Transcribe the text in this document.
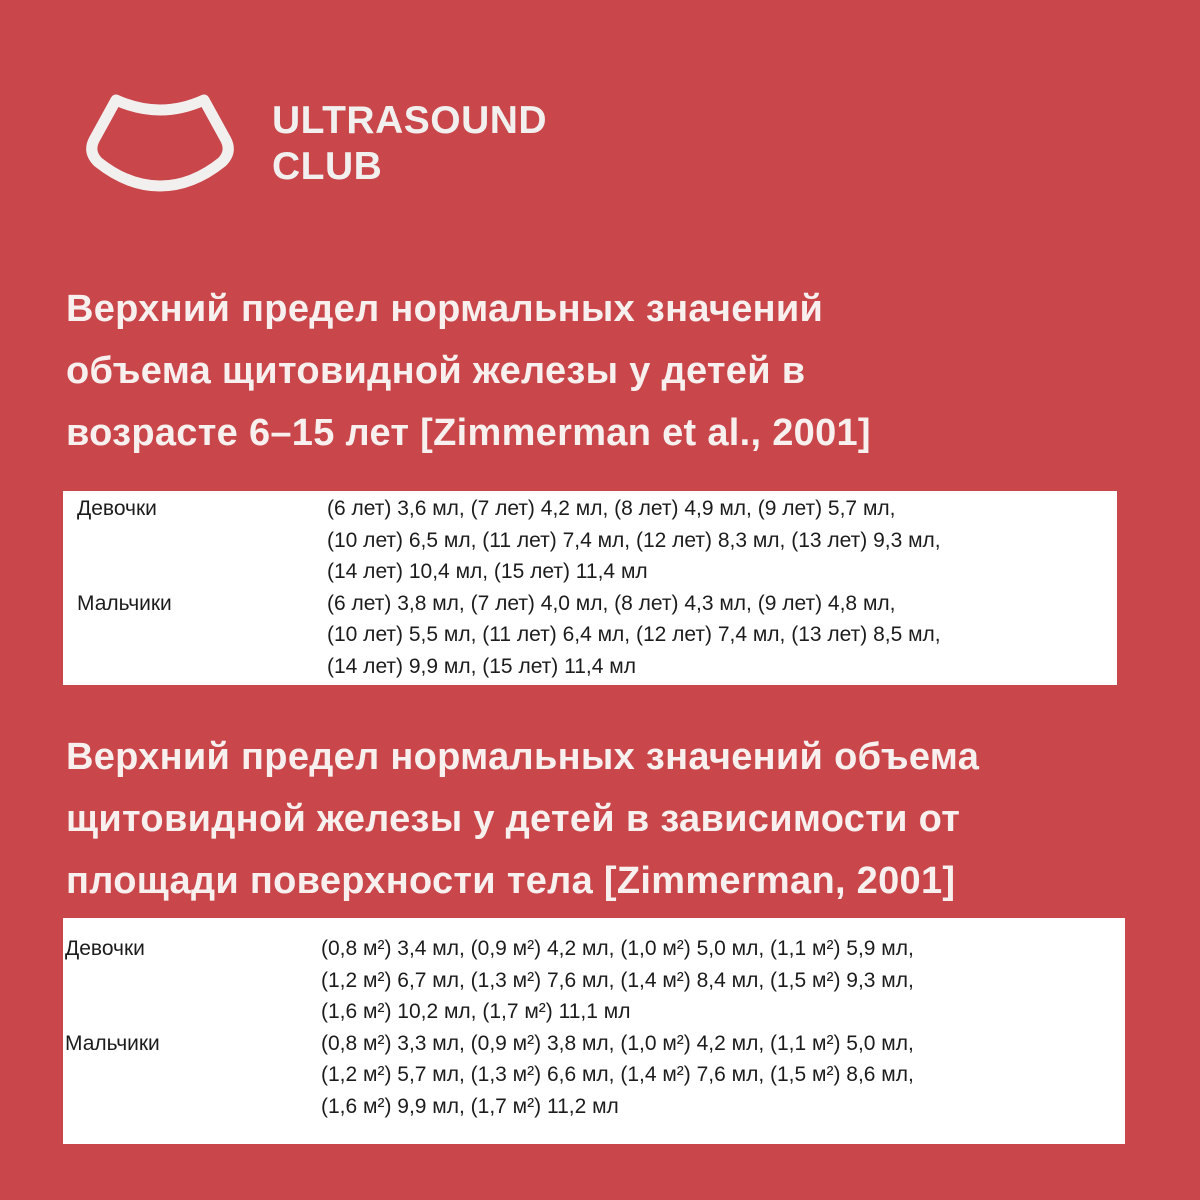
ULTRASOUND
CLUB
Верхний предел нормальных значений
объема щитовидной железы у детей в
возрасте 6–15 лет [Zimmerman et al., 2001]
Девочки	(6 лет) 3,6 мл, (7 лет) 4,2 мл, (8 лет) 4,9 мл, (9 лет) 5,7 мл,
(10 лет) 6,5 мл, (11 лет) 7,4 мл, (12 лет) 8,3 мл, (13 лет) 9,3 мл,
(14 лет) 10,4 мл, (15 лет) 11,4 мл
Мальчики	(6 лет) 3,8 мл, (7 лет) 4,0 мл, (8 лет) 4,3 мл, (9 лет) 4,8 мл,
(10 лет) 5,5 мл, (11 лет) 6,4 мл, (12 лет) 7,4 мл, (13 лет) 8,5 мл,
(14 лет) 9,9 мл, (15 лет) 11,4 мл
Верхний предел нормальных значений объема
щитовидной железы у детей в зависимости от
площади поверхности тела [Zimmerman, 2001]
Девочки	(0,8 м²) 3,4 мл, (0,9 м²) 4,2 мл, (1,0 м²) 5,0 мл, (1,1 м²) 5,9 мл,
(1,2 м²) 6,7 мл, (1,3 м²) 7,6 мл, (1,4 м²) 8,4 мл, (1,5 м²) 9,3 мл,
(1,6 м²) 10,2 мл, (1,7 м²) 11,1 мл
Мальчики	(0,8 м²) 3,3 мл, (0,9 м²) 3,8 мл, (1,0 м²) 4,2 мл, (1,1 м²) 5,0 мл,
(1,2 м²) 5,7 мл, (1,3 м²) 6,6 мл, (1,4 м²) 7,6 мл, (1,5 м²) 8,6 мл,
(1,6 м²) 9,9 мл, (1,7 м²) 11,2 мл
